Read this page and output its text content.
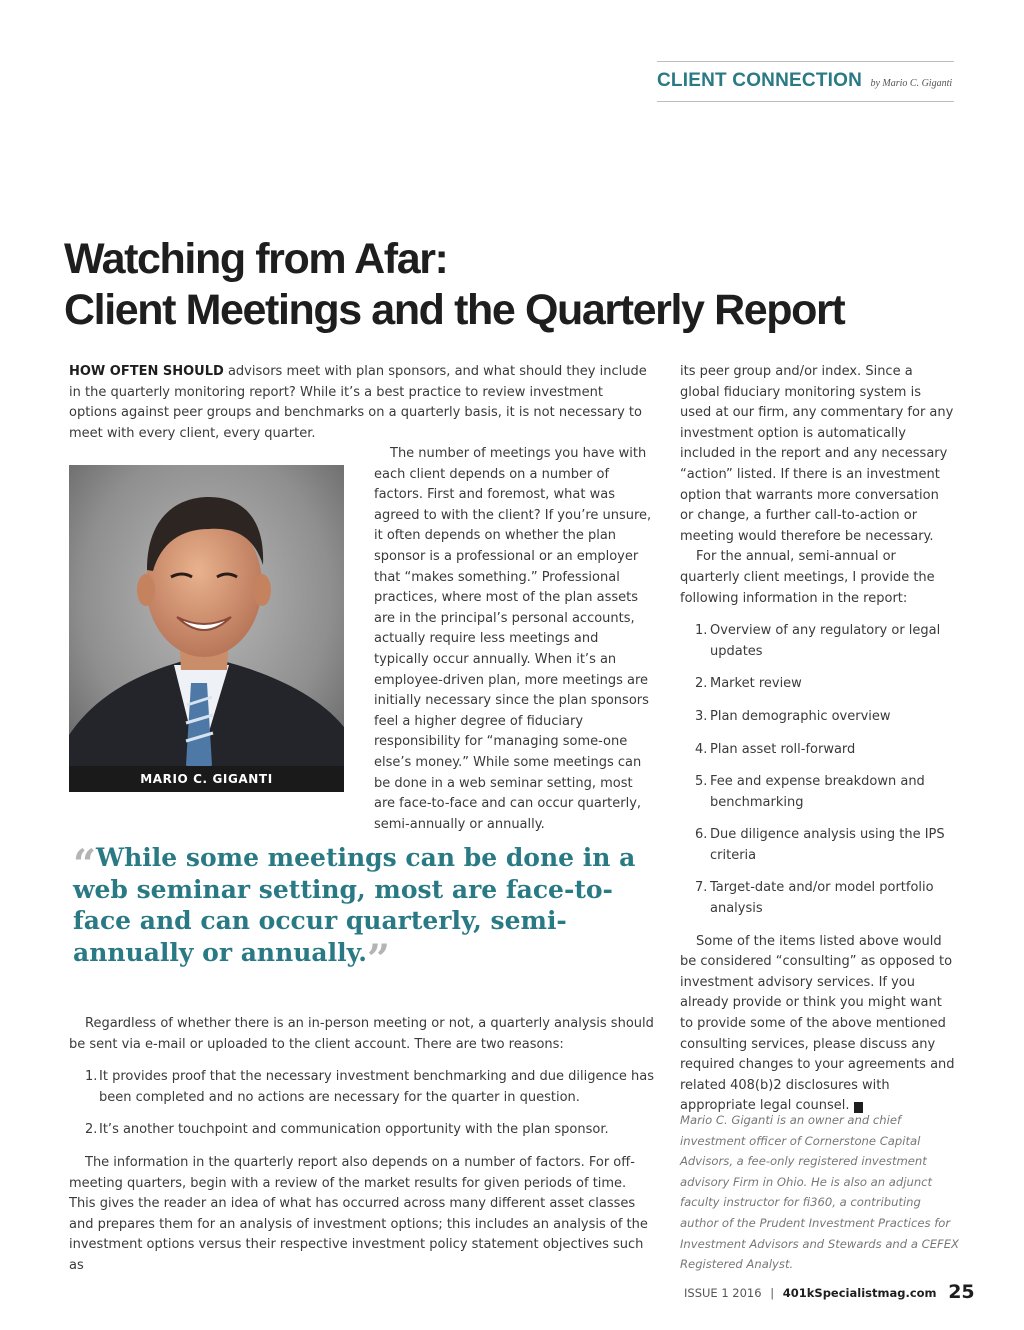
CLIENT CONNECTION by Mario C. Giganti
Watching from Afar:
Client Meetings and the Quarterly Report

HOW OFTEN SHOULD advisors meet with plan sponsors, and what should they include in the quarterly monitoring report? While it’s a best practice to review investment options against peer groups and benchmarks on a quarterly basis, it is not necessary to meet with every client, every quarter.

MARIO C. GIGANTI

The number of meetings you have with each client depends on a number of factors. First and foremost, what was agreed to with the client? If you’re unsure, it often depends on whether the plan sponsor is a professional or an employer that “makes something.” Professional practices, where most of the plan assets are in the principal’s personal accounts, actually require less meetings and typically occur annually. When it’s an employee-driven plan, more meetings are initially necessary since the plan sponsors feel a higher degree of fiduciary responsibility for “managing some-one else’s money.” While some meetings can be done in a web seminar setting, most are face-to-face and can occur quarterly, semi-annually or annually.

“While some meetings can be done in a web seminar setting, most are face-to-face and can occur quarterly, semi-annually or annually.”

Regardless of whether there is an in-person meeting or not, a quarterly analysis should be sent via e-mail or uploaded to the client account. There are two reasons:

1. It provides proof that the necessary investment benchmarking and due diligence has been completed and no actions are necessary for the quarter in question.
2. It’s another touchpoint and communication opportunity with the plan sponsor.

The information in the quarterly report also depends on a number of factors. For off-meeting quarters, begin with a review of the market results for given periods of time. This gives the reader an idea of what has occurred across many different asset classes and prepares them for an analysis of investment options; this includes an analysis of the investment options versus their respective investment policy statement objectives such as

its peer group and/or index. Since a global fiduciary monitoring system is used at our firm, any commentary for any investment option is automatically included in the report and any necessary “action” listed. If there is an investment option that warrants more conversation or change, a further call-to-action or meeting would therefore be necessary.

For the annual, semi-annual or quarterly client meetings, I provide the following information in the report:

1. Overview of any regulatory or legal updates
2. Market review
3. Plan demographic overview
4. Plan asset roll-forward
5. Fee and expense breakdown and benchmarking
6. Due diligence analysis using the IPS criteria
7. Target-date and/or model portfolio analysis

Some of the items listed above would be considered “consulting” as opposed to investment advisory services. If you already provide or think you might want to provide some of the above mentioned consulting services, please discuss any required changes to your agreements and related 408(b)2 disclosures with appropriate legal counsel.	K

Mario C. Giganti is an owner and chief investment officer of Cornerstone Capital Advisors, a fee-only registered investment advisory Firm in Ohio. He is also an adjunct faculty instructor for fi360, a contributing author of the Prudent Investment Practices for Investment Advisors and Stewards and a CEFEX Registered Analyst.
ISSUE 1 2016 | 401kSpecialistmag.com 25
